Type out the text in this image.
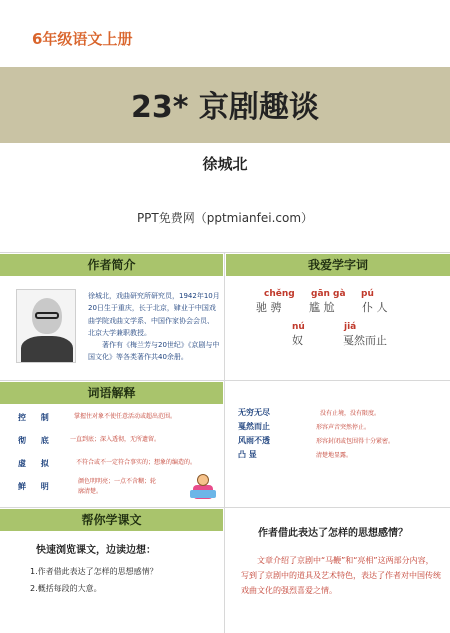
6年级语文上册
23* 京剧趣谈
徐城北
PPT免费网（pptmianfei.com）
作者简介

徐城北，戏曲研究所研究员，1942年10月20日生于重庆，长于北京，肄业于中国戏曲学院戏曲文学系、中国作家协会会员、北京大学兼职教授。

著作有《梅兰芳与20世纪》《京剧与中国文化》等各类著作共40余册。

我爱学字词
chěng gān gà pú
驰 骋	尴 尬	仆 人
nú	jiá
奴	戛然而止
词语解释
控 制	掌握住对象不使任意活动或超出范围。
彻 底	一直到底；深入透彻，无所遗留。
虚 拟	不符合或不一定符合事实的；想象的编造的。
鲜 明
颜色明明亮；一点不含糊；轮廓清楚。
无穷无尽	没有止境，没有限度。
戛然而止	形容声音突然停止。
风雨不透	形容封闭或包围得十分紧密。
凸 显	清楚地显露。
帮你学课文
快速浏览课文，边读边想：
1.作者借此表达了怎样的思想感情？
2.概括每段的大意。
作者借此表达了怎样的思想感情？
文章介绍了京剧中“马鞭”和“亮相”这两部分内容，写到了京剧中的道具及艺术特色，表达了作者对中国传统戏曲文化的强烈喜爱之情。
